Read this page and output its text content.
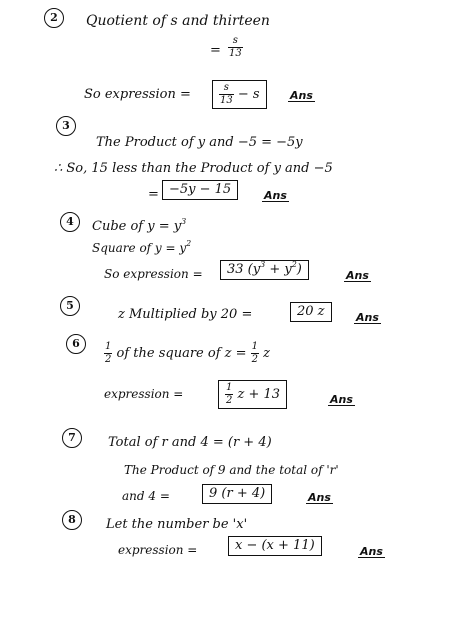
2	Quotient of s and thirteen
= $\frac{s}{13}$
So expression =	$\frac{s}{13} - s$	Ans
3
The Product of y and −5 = −5y
∴ So, 15 less than the Product of y and −5
= −5y − 15	Ans
4	Cube of $y = y^3$
Square of $y = y^2$
So expression =	33 $(y^3 + y^2)$	Ans
5
z Multiplied by 20 =	20 z	Ans
6	$\frac{1}{2}$ of the square of $z = \frac{1}{2}$ z
expression =	$\frac{1}{2}$ z + 13	Ans
7	Total of r and 4 = (r + 4)
The Product of 9 and the total of 'r'
and 4 =	9 (r + 4)	Ans
8	Let the number be 'x'
expression =	x − (x + 11)	Ans
